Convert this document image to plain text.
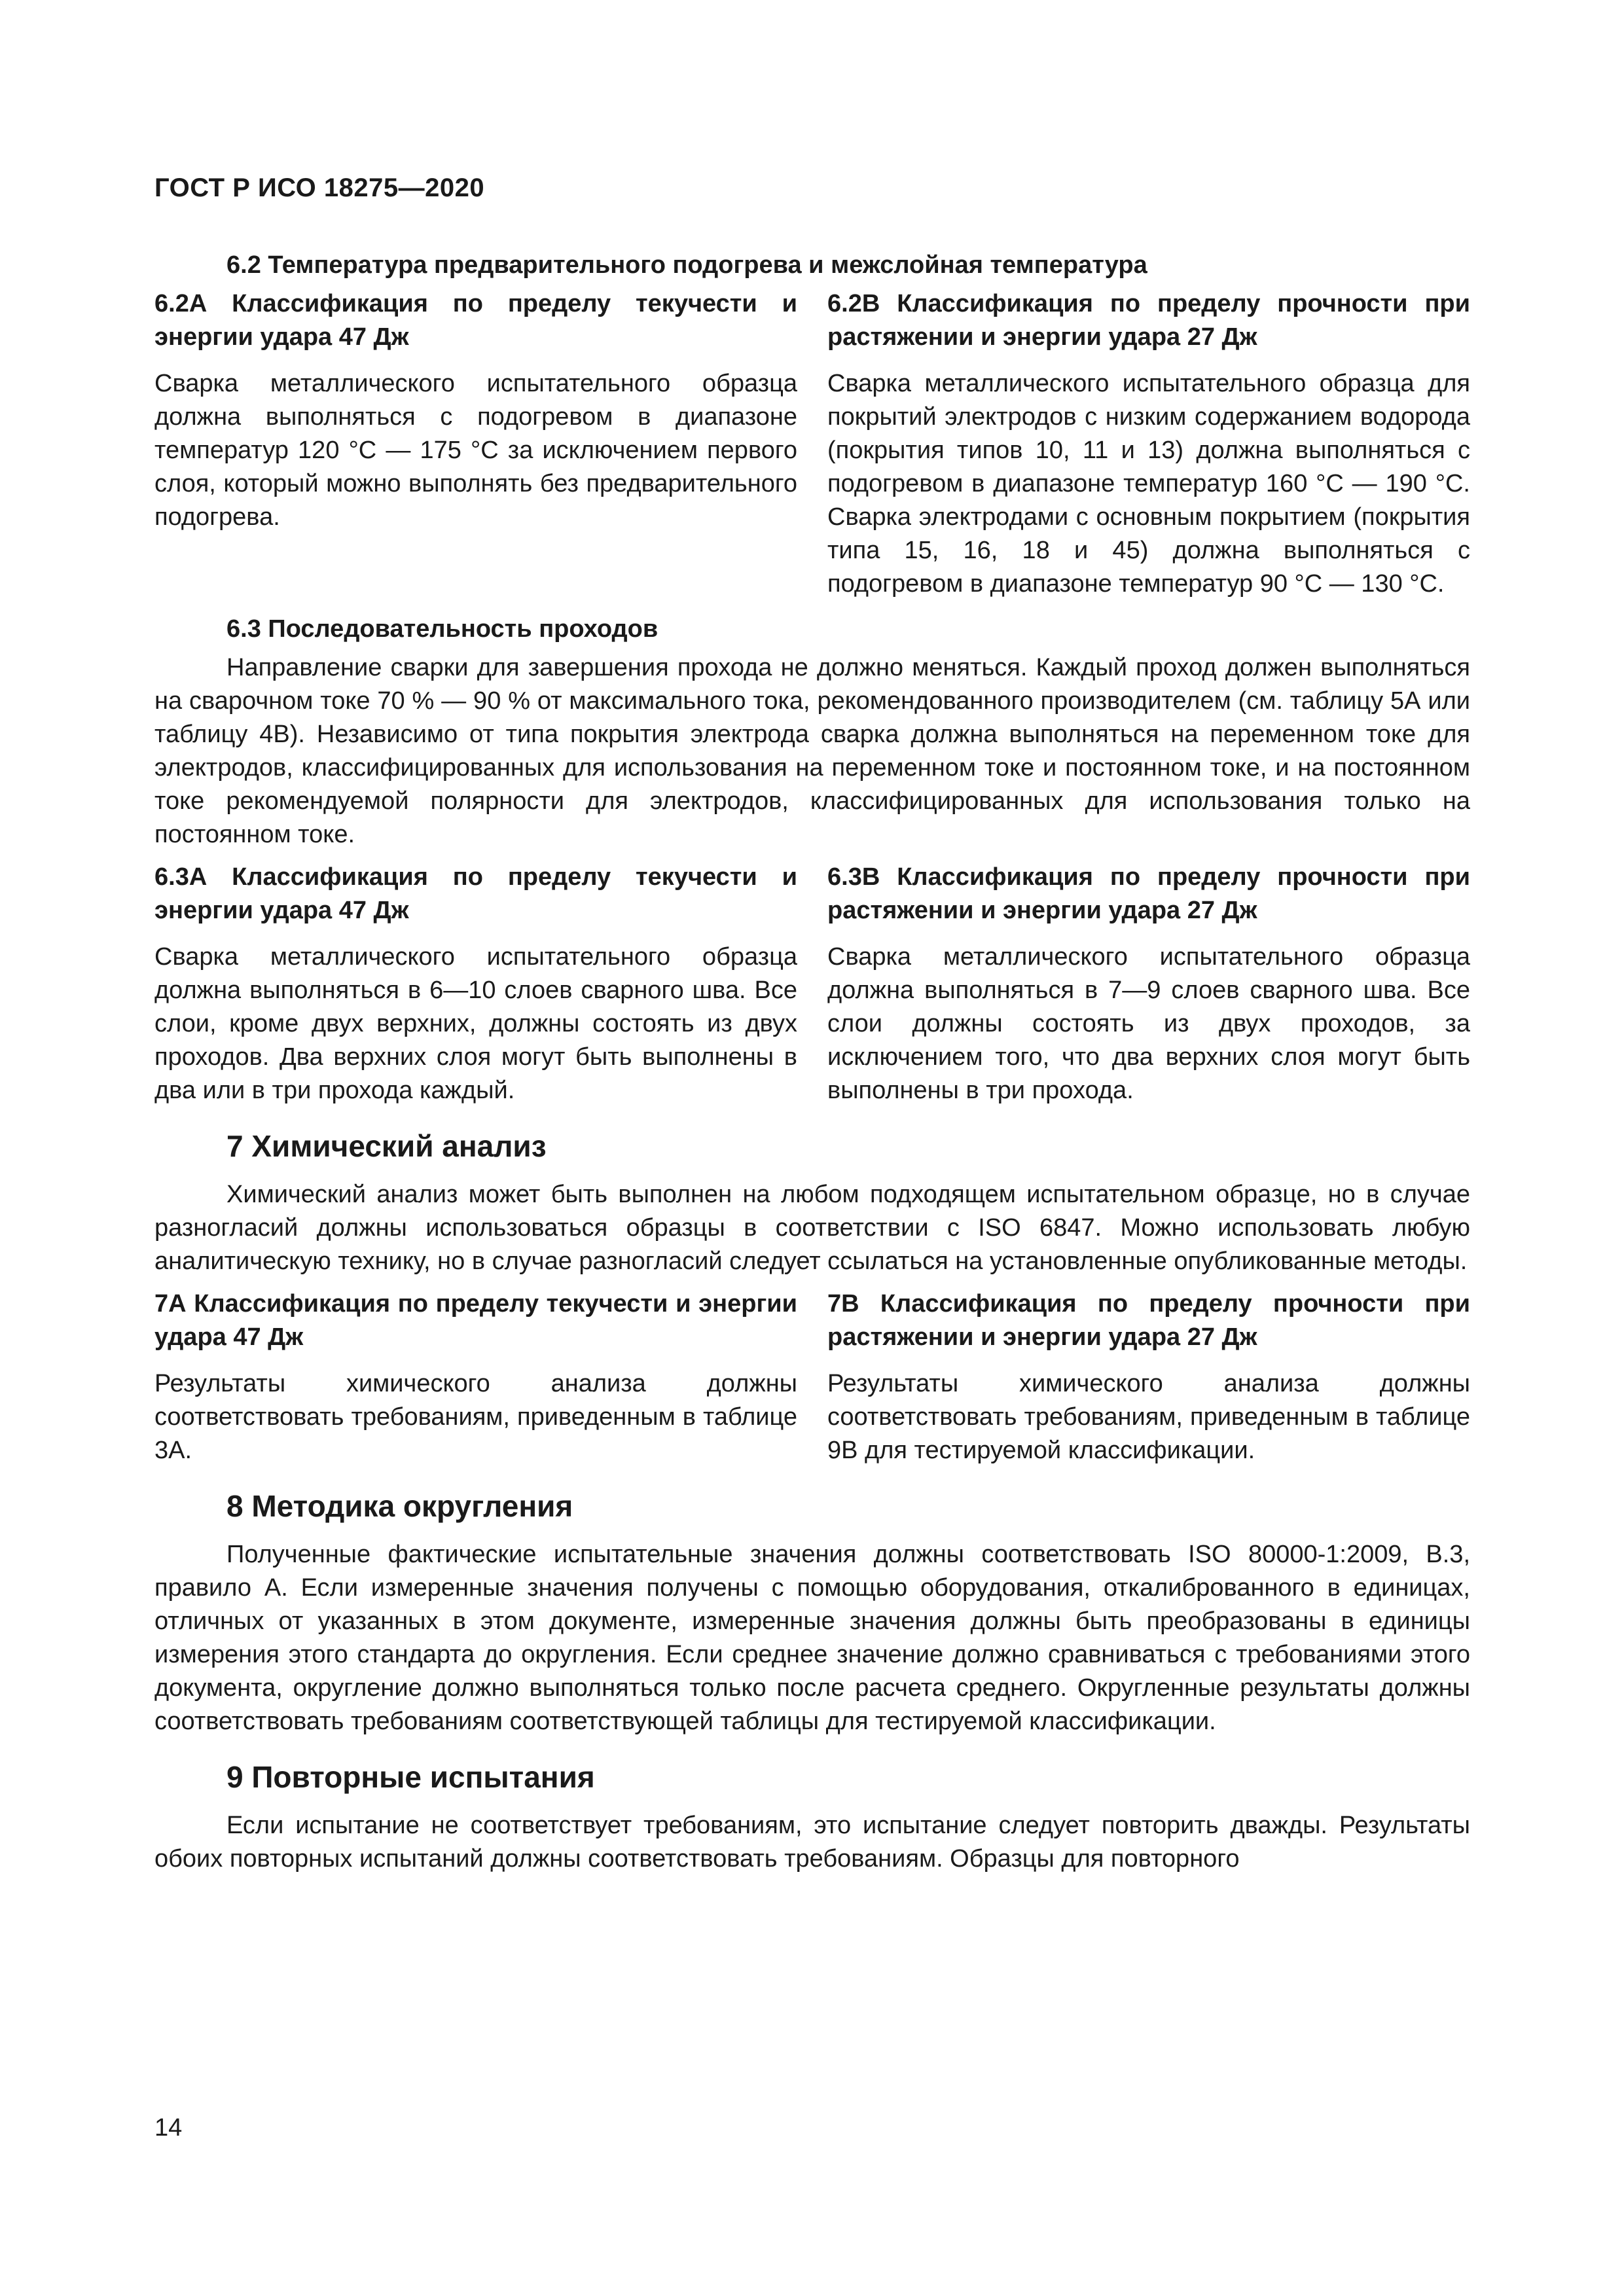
ГОСТ Р ИСО 18275—2020
6.2 Температура предварительного подогрева и межслойная температура
6.2А Классификация по пределу текучести и энергии удара 47 Дж

Сварка металлического испытательного образца должна выполняться с подогревом в диапазоне температур 120 °С — 175 °С за исключением первого слоя, который можно выполнять без предварительного подогрева.

6.2В Классификация по пределу прочности при растяжении и энергии удара 27 Дж

Сварка металлического испытательного образца для покрытий электродов с низким содержанием водорода (покрытия типов 10, 11 и 13) должна выполняться с подогревом в диапазоне температур 160 °С — 190 °С. Сварка электродами с основным покрытием (покрытия типа 15, 16, 18 и 45) должна выполняться с подогревом в диапазоне температур 90 °С — 130 °С.

6.3 Последовательность проходов

Направление сварки для завершения прохода не должно меняться. Каждый проход должен выполняться на сварочном токе 70 % — 90 % от максимального тока, рекомендованного производителем (см. таблицу 5А или таблицу 4В). Независимо от типа покрытия электрода сварка должна выполняться на переменном токе для электродов, классифицированных для использования на переменном токе и постоянном токе, и на постоянном токе рекомендуемой полярности для электродов, классифицированных для использования только на постоянном токе.

6.3А Классификация по пределу текучести и энергии удара 47 Дж

Сварка металлического испытательного образца должна выполняться в 6—10 слоев сварного шва. Все слои, кроме двух верхних, должны состоять из двух проходов. Два верхних слоя могут быть выполнены в два или в три прохода каждый.

6.3В Классификация по пределу прочности при растяжении и энергии удара 27 Дж

Сварка металлического испытательного образца должна выполняться в 7—9 слоев сварного шва. Все слои должны состоять из двух проходов, за исключением того, что два верхних слоя могут быть выполнены в три прохода.

7 Химический анализ

Химический анализ может быть выполнен на любом подходящем испытательном образце, но в случае разногласий должны использоваться образцы в соответствии с ISO 6847. Можно использовать любую аналитическую технику, но в случае разногласий следует ссылаться на установленные опубликованные методы.

7А Классификация по пределу текучести и энергии удара 47 Дж

Результаты химического анализа должны соответствовать требованиям, приведенным в таблице 3А.

7В Классификация по пределу прочности при растяжении и энергии удара 27 Дж

Результаты химического анализа должны соответствовать требованиям, приведенным в таблице 9В для тестируемой классификации.

8 Методика округления

Полученные фактические испытательные значения должны соответствовать ISO 80000-1:2009, В.3, правило А. Если измеренные значения получены с помощью оборудования, откалиброванного в единицах, отличных от указанных в этом документе, измеренные значения должны быть преобразованы в единицы измерения этого стандарта до округления. Если среднее значение должно сравниваться с требованиями этого документа, округление должно выполняться только после расчета среднего. Округленные результаты должны соответствовать требованиям соответствующей таблицы для тестируемой классификации.

9 Повторные испытания

Если испытание не соответствует требованиям, это испытание следует повторить дважды. Результаты обоих повторных испытаний должны соответствовать требованиям. Образцы для повторного

14
